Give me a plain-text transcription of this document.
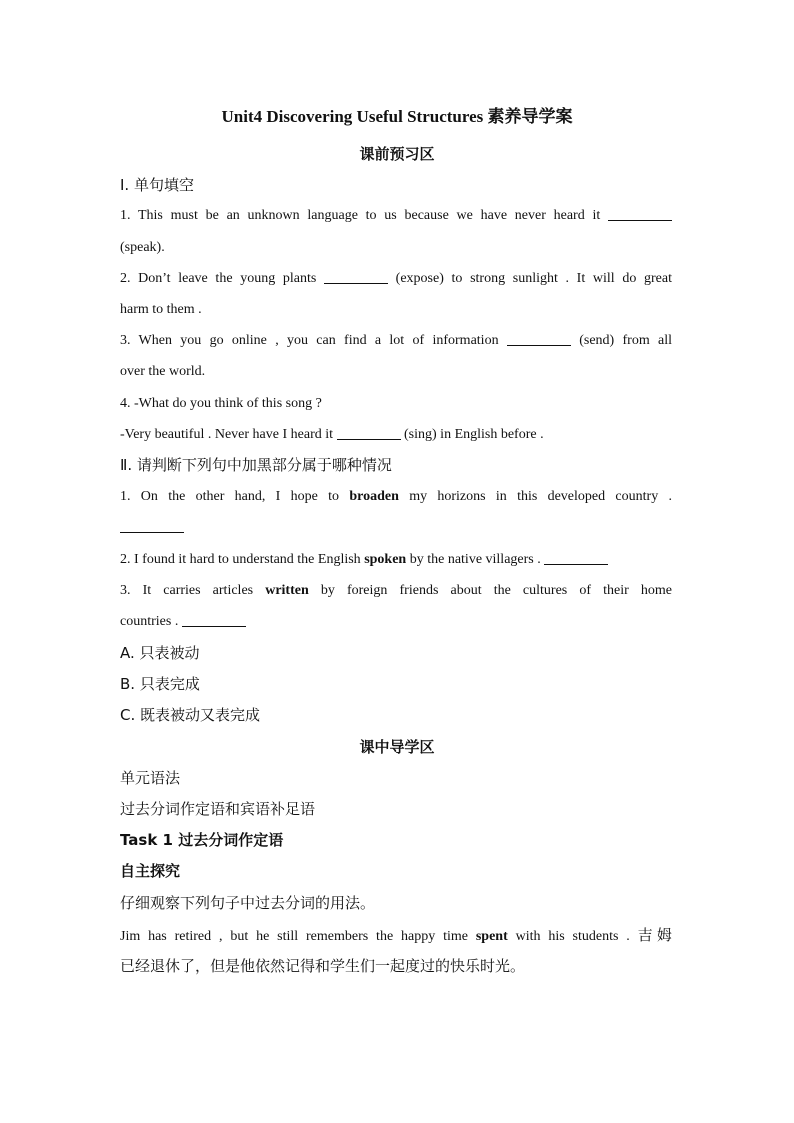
Unit4 Discovering Useful Structures 素养导学案
课前预习区
I. 单句填空
1. This must be an unknown language to us because we have never heard it
(speak).
2. Don’t leave the young plants	(expose) to strong sunlight . It will do great
harm to them .
3. When you go online , you can find a lot of information	(send) from all
over the world.
4. -What do you think of this song ?
-Very beautiful . Never have I heard it	(sing) in English before .
Ⅱ. 请判断下列句中加黑部分属于哪种情况
1. On the other hand, I hope to broaden my horizons in this developed country .
2. I found it hard to understand the English spoken by the native villagers .
3. It carries articles written by foreign friends about the cultures of their home
countries .
A. 只表被动
B. 只表完成
C. 既表被动又表完成
课中导学区
单元语法
过去分词作定语和宾语补足语
Task 1 过去分词作定语
自主探究
仔细观察下列句子中过去分词的用法。
Jim has retired , but he still remembers the happy time spent with his students . 吉姆
已经退休了，但是他依然记得和学生们一起度过的快乐时光。
